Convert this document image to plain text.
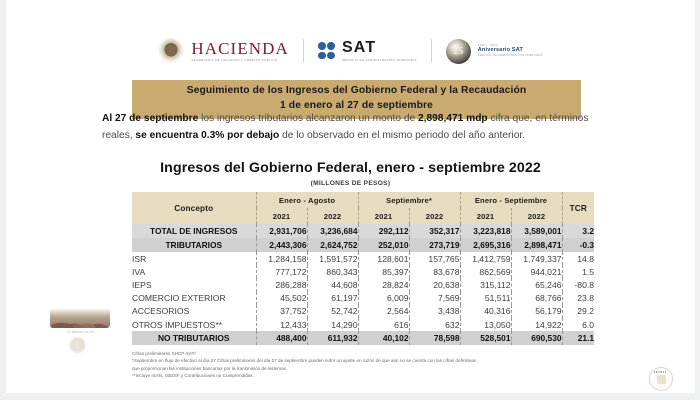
HACIENDA
SECRETARÍA DE HACIENDA Y CRÉDITO PÚBLICO
SAT
SERVICIO DE ADMINISTRACIÓN TRIBUTARIA
25
1997 - 2022
Aniversario SAT
SERVICIO DE ADMINISTRACIÓN TRIBUTARIA
Seguimiento de los Ingresos del Gobierno Federal y la Recaudación
1 de enero al 27 de septiembre
Al 27 de septiembre los ingresos tributarios alcanzaron un monto de 2,898,471 mdp cifra que, en términos reales, se encuentra 0.3% por debajo de lo observado en el mismo periodo del año anterior.
Ingresos del Gobierno Federal, enero - septiembre 2022
(MILLONES DE PESOS)
Concepto	Enero - Agosto		Septiembre*		Enero - Septiembre		TCR
	2021	2022	2021	2022	2021	2022	
TOTAL DE INGRESOS	2,931,706	3,236,684	292,112	352,317	3,223,818	3,589,001	3.2
TRIBUTARIOS	2,443,306	2,624,752	252,010	273,719	2,695,316	2,898,471	-0.3
ISR	1,284,158	1,591,572	128,601	157,765	1,412,759	1,749,337	14.8
IVA	777,172	860,343	85,397	83,678	862,569	944,021	1.5
IEPS	286,288	44,608	28,824	20,638	315,112	65,246	-80.8
COMERCIO EXTERIOR	45,502	61,197	6,009	7,569	51,511	68,766	23.8
ACCESORIOS	37,752	52,742	2,564	3,438	40,316	56,179	29.2
OTROS IMPUESTOS**	12,433	14,290	616	632	13,050	14,922	6.0
NO TRIBUTARIOS	488,400	611,932	40,102	78,598	528,501	690,530	21.1
Cifras preliminares SHCP-SAT/
*Septiembre en flujo de efectivo al día 27 Cifras preliminares del día 27 de septiembre pueden sufrir un ajuste en razón de que aún no se cuenta con las cifras definitivas
que proporcionan las instituciones bancarias por la transmisión de sistemas.
**Incluye ISAN, ISEDIF y Contribuciones no Comprendidas.
Tu Mexico es mi...
